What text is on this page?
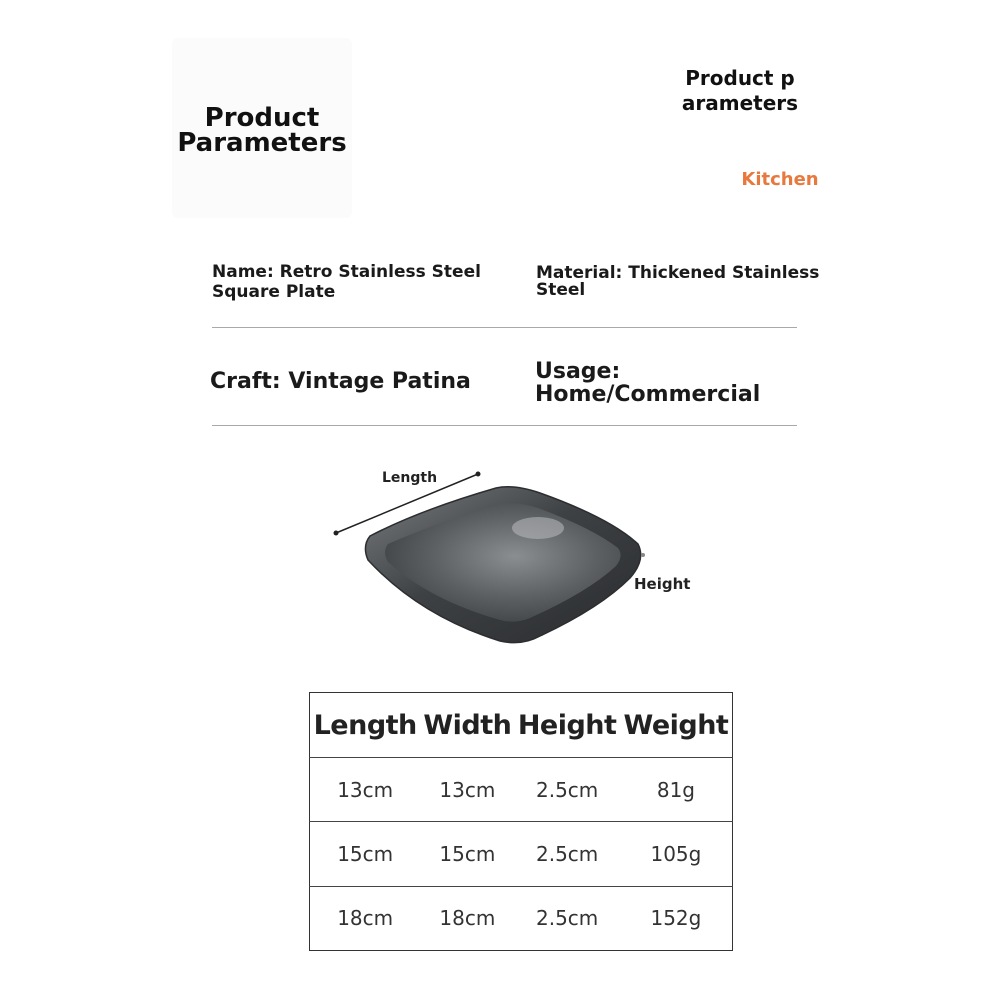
Product
Parameters
Product p
arameters
Kitchen
Name: Retro Stainless Steel
Square Plate
Material: Thickened Stainless
Steel
Craft: Vintage Patina	Usage:
Home/Commercial
Length
Height
Length	Width	Height	Weight
13cm	13cm	2.5cm	81g
15cm	15cm	2.5cm	105g
18cm	18cm	2.5cm	152g
